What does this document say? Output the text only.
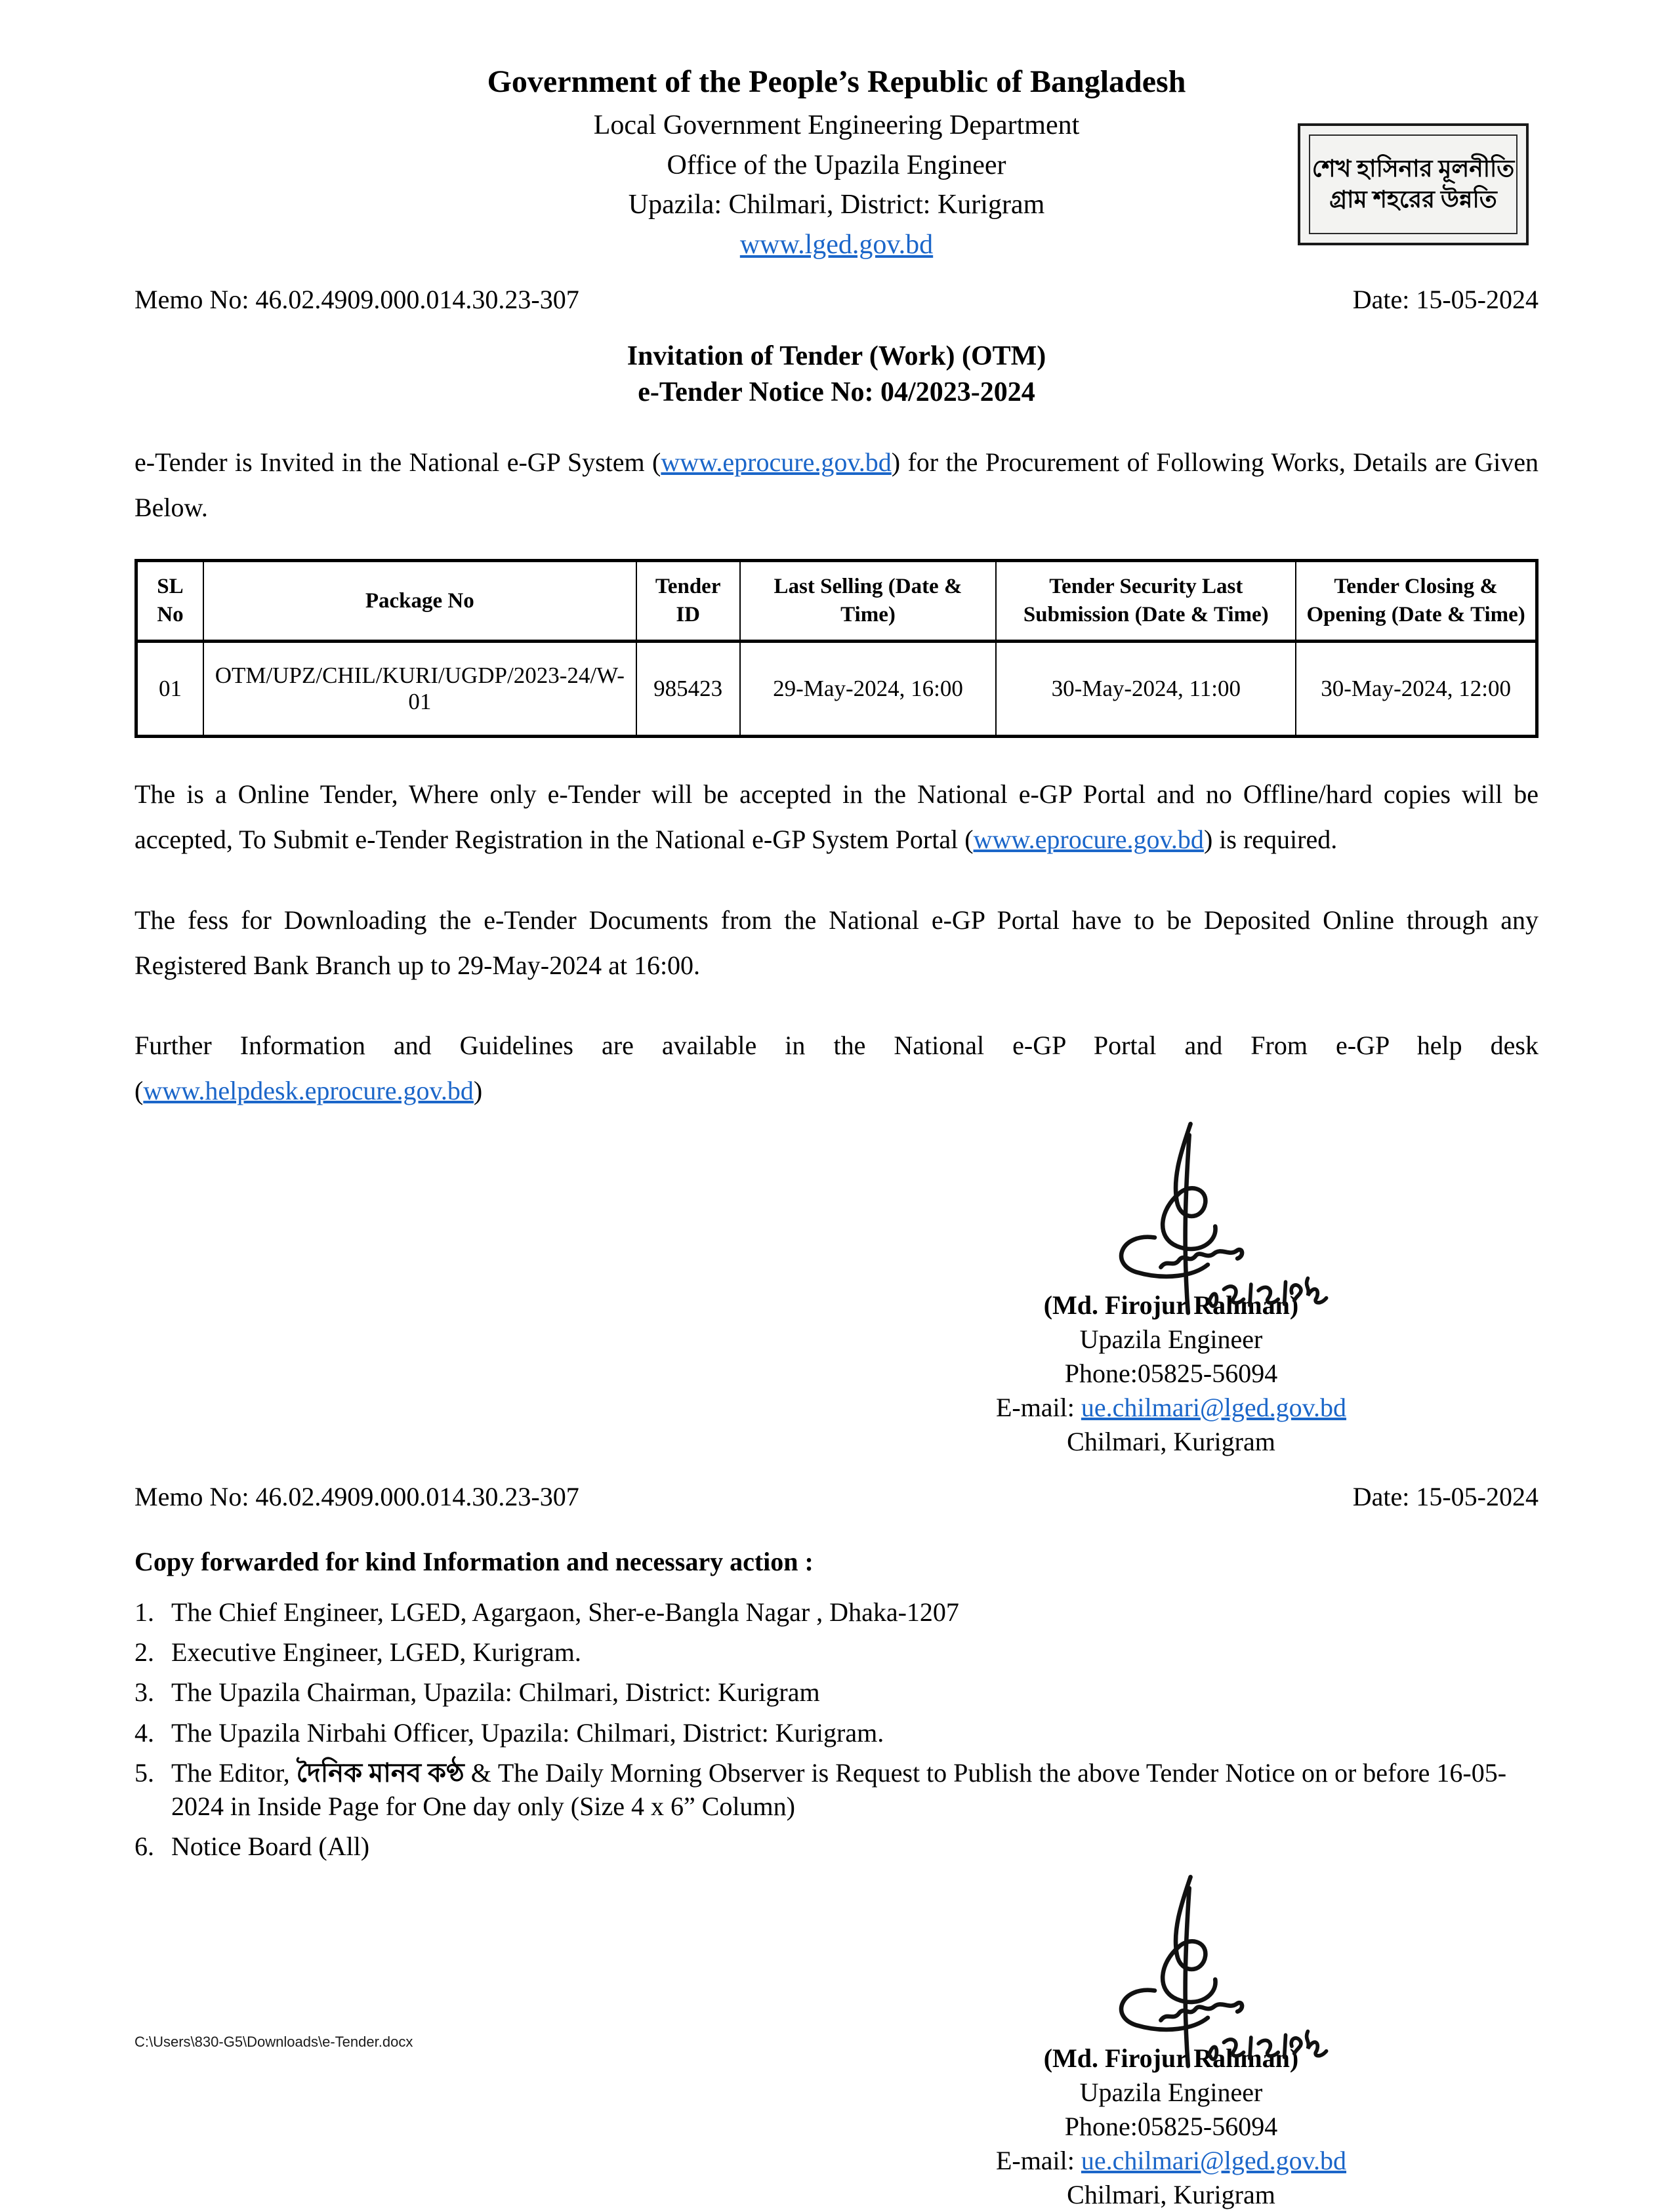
Government of the People’s Republic of Bangladesh
Local Government Engineering Department
Office of the Upazila Engineer
Upazila: Chilmari, District: Kurigram
www.lged.gov.bd
শেখ হাসিনার মূলনীতি
গ্রাম শহরের উন্নতি
Memo No: 46.02.4909.000.014.30.23-307	Date: 15-05-2024
Invitation of Tender (Work) (OTM)
e-Tender Notice No: 04/2023-2024
e-Tender is Invited in the National e-GP System (www.eprocure.gov.bd) for the Procurement of Following Works, Details are Given Below.
SL No	Package No	Tender ID	Last Selling (Date & Time)	Tender Security Last Submission (Date & Time)	Tender Closing & Opening (Date & Time)
01	OTM/UPZ/CHIL/KURI/UGDP/2023-24/W-01	985423	29-May-2024, 16:00	30-May-2024, 11:00	30-May-2024, 12:00
The is a Online Tender, Where only e-Tender will be accepted in the National e-GP Portal and no Offline/hard copies will be accepted, To Submit e-Tender Registration in the National e-GP System Portal (www.eprocure.gov.bd) is required.
The fess for Downloading the e-Tender Documents from the National e-GP Portal have to be Deposited Online through any Registered Bank Branch up to 29-May-2024 at 16:00.
Further Information and Guidelines are available in the National e-GP Portal and From e-GP help desk (www.helpdesk.eprocure.gov.bd)
(Md. Firojur Rahman)
Upazila Engineer
Phone:05825-56094
E-mail: ue.chilmari@lged.gov.bd
Chilmari, Kurigram
Memo No: 46.02.4909.000.014.30.23-307	Date: 15-05-2024
Copy forwarded for kind Information and necessary action :
1. The Chief Engineer, LGED, Agargaon, Sher-e-Bangla Nagar , Dhaka-1207
2. Executive Engineer, LGED, Kurigram.
3. The Upazila Chairman, Upazila: Chilmari, District: Kurigram
4. The Upazila Nirbahi Officer, Upazila: Chilmari, District: Kurigram.
5. The Editor, দৈনিক মানব কণ্ঠ & The Daily Morning Observer is Request to Publish the above Tender Notice on or before 16-05-2024 in Inside Page for One day only (Size 4 x 6” Column)
6. Notice Board (All)
(Md. Firojur Rahman)
Upazila Engineer
Phone:05825-56094
E-mail: ue.chilmari@lged.gov.bd
Chilmari, Kurigram
C:\Users\830-G5\Downloads\e-Tender.docx
